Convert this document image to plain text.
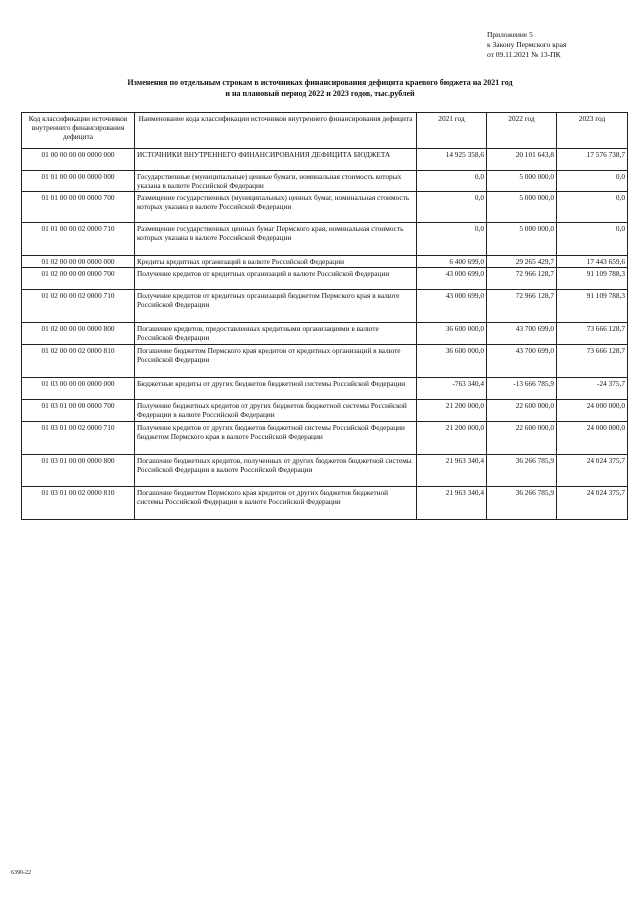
Приложение 5
к Закону Пермского края
от 09.11.2021 № 13-ПК
Изменения по отдельным строкам в источниках финансирования дефицита краевого бюджета на 2021 год
и на плановый период 2022 и 2023 годов, тыс.рублей
Код классификации источников внутреннего финансирования дефицита	Наименование кода классификации источников внутреннего финансирования дефицита	2021 год	2022 год	2023 год
01 00 00 00 00 0000 000	ИСТОЧНИКИ ВНУТРЕННЕГО ФИНАНСИРОВАНИЯ ДЕФИЦИТА БЮДЖЕТА	14 925 358,6	20 101 643,8	17 576 738,7
01 01 00 00 00 0000 000	Государственные (муниципальные) ценные бумаги, номинальная стоимость которых указана в валюте Российской Федерации	0,0	5 000 000,0	0,0
01 01 00 00 00 0000 700	Размещение государственных (муниципальных) ценных бумаг, номинальная стоимость которых указана в валюте Российской Федерации	0,0	5 000 000,0	0,0
01 01 00 00 02 0000 710	Размещение государственных ценных бумаг Пермского края, номинальная стоимость которых указана в валюте Российской Федерации	0,0	5 000 000,0	0,0
01 02 00 00 00 0000 000	Кредиты кредитных организаций в валюте Российской Федерации	6 400 699,0	29 265 429,7	17 443 659,6
01 02 00 00 00 0000 700	Получение кредитов от кредитных организаций в валюте Российской Федерации	43 000 699,0	72 966 128,7	91 109 788,3
01 02 00 00 02 0000 710	Получение кредитов от кредитных организаций бюджетом Пермского края в валюте Российской Федерации	43 000 699,0	72 966 128,7	91 109 788,3
01 02 00 00 00 0000 800	Погашение кредитов, предоставленных кредитными организациями в валюте Российской Федерации	36 600 000,0	43 700 699,0	73 666 128,7
01 02 00 00 02 0000 810	Погашение бюджетом Пермского края кредитов от кредитных организаций в валюте Российской Федерации	36 600 000,0	43 700 699,0	73 666 128,7
01 03 00 00 00 0000 000	Бюджетные кредиты от других бюджетов бюджетной системы Российской Федерации	-763 340,4	-13 666 785,9	-24 375,7
01 03 01 00 00 0000 700	Получение бюджетных кредитов от других бюджетов бюджетной системы Российской Федерации в валюте Российской Федерации	21 200 000,0	22 600 000,0	24 000 000,0
01 03 01 00 02 0000 710	Получение кредитов от других бюджетов бюджетной системы Российской Федерации бюджетом Пермского края в валюте Российской Федерации	21 200 000,0	22 600 000,0	24 000 000,0
01 03 01 00 00 0000 800	Погашение бюджетных кредитов, полученных от других бюджетов бюджетной системы Российской Федерации в валюте Российской Федерации	21 963 340,4	36 266 785,9	24 024 375,7
01 03 01 00 02 0000 810	Погашение бюджетом Пермского края кредитов от других бюджетов бюджетной системы Российской Федерации в валюте Российской Федерации	21 963 340,4	36 266 785,9	24 024 375,7
6390-22
